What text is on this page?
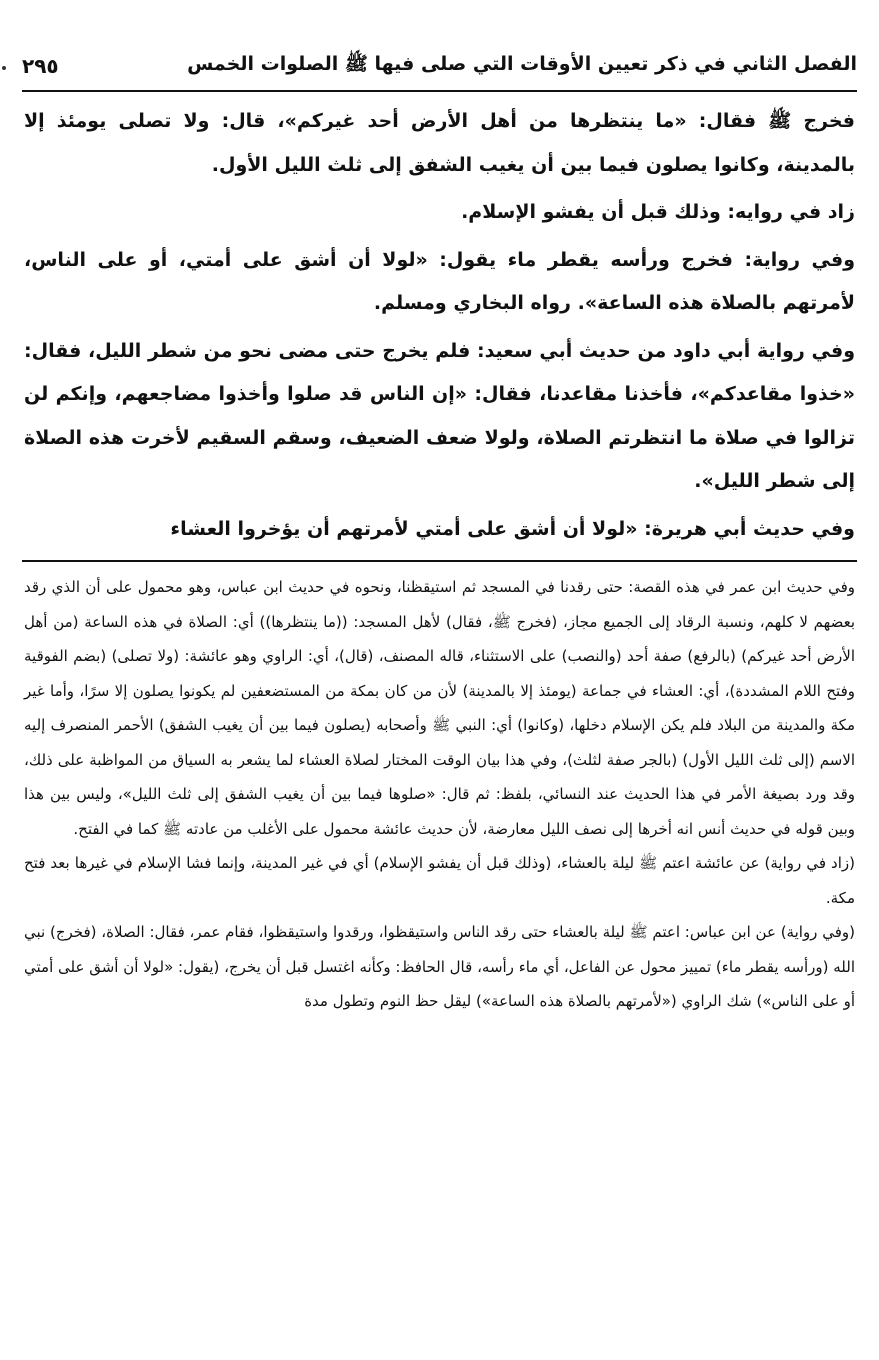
الفصل الثاني في ذكر تعيين الأوقات التي صلى فيها ﷺ الصلوات الخمس
٢٩٥

فخرج ﷺ فقال: «ما ينتظرها من أهل الأرض أحد غيركم»، قال: ولا تصلى يومئذ إلا بالمدينة، وكانوا يصلون فيما بين أن يغيب الشفق إلى ثلث الليل الأول.

زاد في روايه: وذلك قبل أن يفشو الإسلام.

وفي رواية: فخرج ورأسه يقطر ماء يقول: «لولا أن أشق على أمتي، أو على الناس، لأمرتهم بالصلاة هذه الساعة». رواه البخاري ومسلم.

وفي رواية أبي داود من حديث أبي سعيد: فلم يخرج حتى مضى نحو من شطر الليل، فقال: «خذوا مقاعدكم»، فأخذنا مقاعدنا، فقال: «إن الناس قد صلوا وأخذوا مضاجعهم، وإنكم لن تزالوا في صلاة ما انتظرتم الصلاة، ولولا ضعف الضعيف، وسقم السقيم لأخرت هذه الصلاة إلى شطر الليل».

وفي حديث أبي هريرة: «لولا أن أشق على أمتي لأمرتهم أن يؤخروا العشاء

وفي حديث ابن عمر في هذه القصة: حتى رقدنا في المسجد ثم استيقظنا، ونحوه في حديث ابن عباس، وهو محمول على أن الذي رقد بعضهم لا كلهم، ونسبة الرقاد إلى الجميع مجاز، (فخرج ﷺ، فقال) لأهل المسجد: ((ما ينتظرها)) أي: الصلاة في هذه الساعة (من أهل الأرض أحد غيركم) (بالرفع) صفة أحد (والنصب) على الاستثناء، قاله المصنف، (قال)، أي: الراوي وهو عائشة: (ولا تصلى) (بضم الفوقية وفتح اللام المشددة)، أي: العشاء في جماعة (يومئذ إلا بالمدينة) لأن من كان بمكة من المستضعفين لم يكونوا يصلون إلا سرًا، وأما غير مكة والمدينة من البلاد فلم يكن الإسلام دخلها، (وكانوا) أي: النبي ﷺ وأصحابه (يصلون فيما بين أن يغيب الشفق) الأحمر المنصرف إليه الاسم (إلى ثلث الليل الأول) (بالجر صفة لثلث)، وفي هذا بيان الوقت المختار لصلاة العشاء لما يشعر به السياق من المواظبة على ذلك، وقد ورد بصيغة الأمر في هذا الحديث عند النسائي، بلفظ: ثم قال: «صلوها فيما بين أن يغيب الشفق إلى ثلث الليل»، وليس بين هذا وبين قوله في حديث أنس انه أخرها إلى نصف الليل معارضة، لأن حديث عائشة محمول على الأغلب من عادته ﷺ كما في الفتح.

(زاد في رواية) عن عائشة اعتم ﷺ ليلة بالعشاء، (وذلك قبل أن يفشو الإسلام) أي في غير المدينة، وإنما فشا الإسلام في غيرها بعد فتح مكة.

(وفي رواية) عن ابن عباس: اعتم ﷺ ليلة بالعشاء حتى رقد الناس واستيقظوا، ورقدوا واستيقظوا، فقام عمر، فقال: الصلاة، (فخرج) نبي الله (ورأسه يقطر ماء) تمييز محول عن الفاعل، أي ماء رأسه، قال الحافظ: وكأنه اغتسل قبل أن يخرج، (يقول: «لولا أن أشق على أمتي أو على الناس») شك الراوي («لأمرتهم بالصلاة هذه الساعة») ليقل حظ النوم وتطول مدة
